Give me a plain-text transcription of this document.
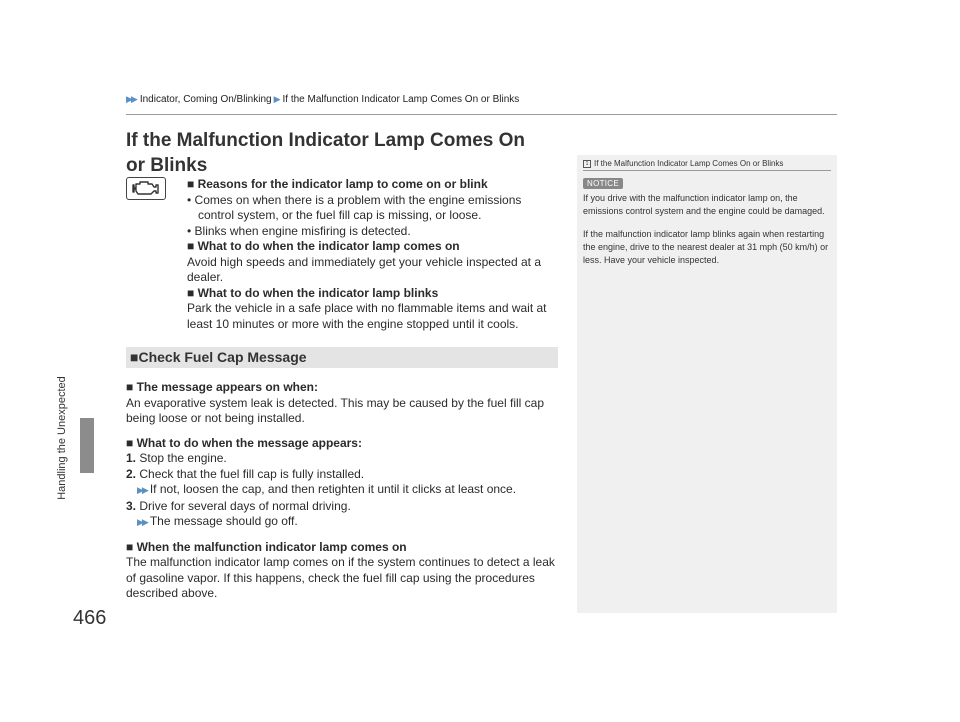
▶▶ Indicator, Coming On/Blinking ▶ If the Malfunction Indicator Lamp Comes On or Blinks
Handling the Unexpected
466
If the Malfunction Indicator Lamp Comes On or Blinks
■ Reasons for the indicator lamp to come on or blink
• Comes on when there is a problem with the engine emissions control system, or the fuel fill cap is missing, or loose.
• Blinks when engine misfiring is detected.
■ What to do when the indicator lamp comes on
Avoid high speeds and immediately get your vehicle inspected at a dealer.
■ What to do when the indicator lamp blinks
Park the vehicle in a safe place with no flammable items and wait at least 10 minutes or more with the engine stopped until it cools.
■Check Fuel Cap Message
■ The message appears on when:
An evaporative system leak is detected. This may be caused by the fuel fill cap being loose or not being installed.
■ What to do when the message appears:
1. Stop the engine.
2. Check that the fuel fill cap is fully installed.
▶▶ If not, loosen the cap, and then retighten it until it clicks at least once.
3. Drive for several days of normal driving.
▶▶ The message should go off.
■ When the malfunction indicator lamp comes on
The malfunction indicator lamp comes on if the system continues to detect a leak of gasoline vapor. If this happens, check the fuel fill cap using the procedures described above.
1 If the Malfunction Indicator Lamp Comes On or Blinks
NOTICE

If you drive with the malfunction indicator lamp on, the emissions control system and the engine could be damaged.

If the malfunction indicator lamp blinks again when restarting the engine, drive to the nearest dealer at 31 mph (50 km/h) or less. Have your vehicle inspected.
